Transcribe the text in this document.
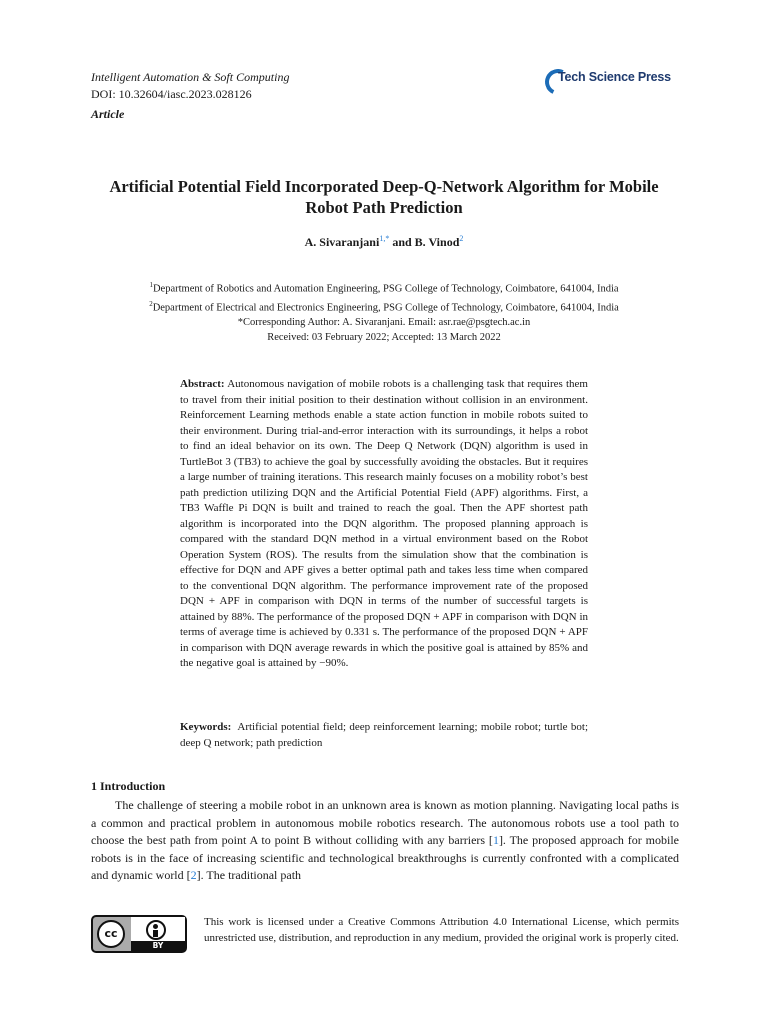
Intelligent Automation & Soft Computing
DOI: 10.32604/iasc.2023.028126
Article
Tech Science Press
Artificial Potential Field Incorporated Deep-Q-Network Algorithm for Mobile
Robot Path Prediction
A. Sivaranjani$^{1,*}$ and B. Vinod$^2$
$^1$Department of Robotics and Automation Engineering, PSG College of Technology, Coimbatore, 641004, India
$^2$Department of Electrical and Electronics Engineering, PSG College of Technology, Coimbatore, 641004, India
*Corresponding Author: A. Sivaranjani. Email: asr.rae@psgtech.ac.in
Received: 03 February 2022; Accepted: 13 March 2022
Abstract: Autonomous navigation of mobile robots is a challenging task that requires them to travel from their initial position to their destination without collision in an environment. Reinforcement Learning methods enable a state action function in mobile robots suited to their environment. During trial-and-error interaction with its surroundings, it helps a robot to find an ideal behavior on its own. The Deep Q Network (DQN) algorithm is used in TurtleBot 3 (TB3) to achieve the goal by successfully avoiding the obstacles. But it requires a large number of training iterations. This research mainly focuses on a mobility robot’s best path prediction utilizing DQN and the Artificial Potential Field (APF) algorithms. First, a TB3 Waffle Pi DQN is built and trained to reach the goal. Then the APF shortest path algorithm is incorporated into the DQN algorithm. The proposed planning approach is compared with the standard DQN method in a virtual environment based on the Robot Operation System (ROS). The results from the simulation show that the combination is effective for DQN and APF gives a better optimal path and takes less time when compared to the conventional DQN algorithm. The performance improvement rate of the proposed DQN + APF in comparison with DQN in terms of the number of successful targets is attained by 88%. The performance of the proposed DQN + APF in comparison with DQN in terms of average time is achieved by 0.331 s. The performance of the proposed DQN + APF in comparison with DQN average rewards in which the positive goal is attained by 85% and the negative goal is attained by −90%.
Keywords: Artificial potential field; deep reinforcement learning; mobile robot; turtle bot; deep Q network; path prediction
1 Introduction
The challenge of steering a mobile robot in an unknown area is known as motion planning. Navigating local paths is a common and practical problem in autonomous mobile robotics research. The autonomous robots use a tool path to choose the best path from point A to point B without colliding with any barriers [1]. The proposed approach for mobile robots is in the face of increasing scientific and technological breakthroughs is currently confronted with a complicated and dynamic world [2]. The traditional path
cc
BY
This work is licensed under a Creative Commons Attribution 4.0 International License, which permits unrestricted use, distribution, and reproduction in any medium, provided the original work is properly cited.
